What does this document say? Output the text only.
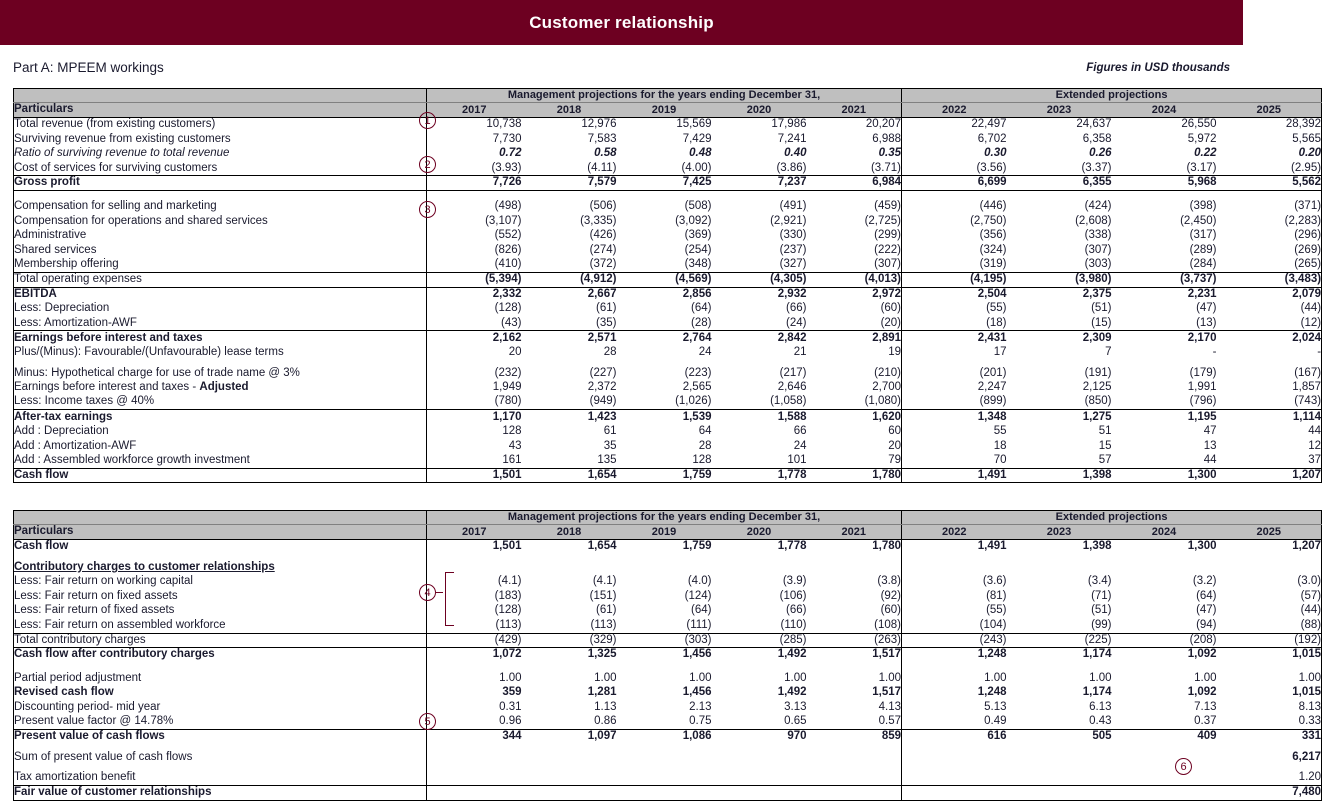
Customer relationship
Part A: MPEEM workings	Figures in USD thousands
	Management projections for the years ending December 31,					Extended projections			
Particulars	2017	2018	2019	2020	2021	2022	2023	2024	2025
Total revenue (from existing customers)	10,738	12,976	15,569	17,986	20,207	22,497	24,637	26,550	28,392
Surviving revenue from existing customers	7,730	7,583	7,429	7,241	6,988	6,702	6,358	5,972	5,565
Ratio of surviving revenue to total revenue	0.72	0.58	0.48	0.40	0.35	0.30	0.26	0.22	0.20
Cost of services for surviving customers	(3.93)	(4.11)	(4.00)	(3.86)	(3.71)	(3.56)	(3.37)	(3.17)	(2.95)
Gross profit	7,726	7,579	7,425	7,237	6,984	6,699	6,355	5,968	5,562

Compensation for selling and marketing	(498)	(506)	(508)	(491)	(459)	(446)	(424)	(398)	(371)
Compensation for operations and shared services	(3,107)	(3,335)	(3,092)	(2,921)	(2,725)	(2,750)	(2,608)	(2,450)	(2,283)
Administrative	(552)	(426)	(369)	(330)	(299)	(356)	(338)	(317)	(296)
Shared services	(826)	(274)	(254)	(237)	(222)	(324)	(307)	(289)	(269)
Membership offering	(410)	(372)	(348)	(327)	(307)	(319)	(303)	(284)	(265)
Total operating expenses	(5,394)	(4,912)	(4,569)	(4,305)	(4,013)	(4,195)	(3,980)	(3,737)	(3,483)
EBITDA	2,332	2,667	2,856	2,932	2,972	2,504	2,375	2,231	2,079
Less: Depreciation	(128)	(61)	(64)	(66)	(60)	(55)	(51)	(47)	(44)
Less: Amortization-AWF	(43)	(35)	(28)	(24)	(20)	(18)	(15)	(13)	(12)
Earnings before interest and taxes	2,162	2,571	2,764	2,842	2,891	2,431	2,309	2,170	2,024
Plus/(Minus): Favourable/(Unfavourable) lease terms	20	28	24	21	19	17	7	-	-

Minus: Hypothetical charge for use of trade name @ 3%	(232)	(227)	(223)	(217)	(210)	(201)	(191)	(179)	(167)
Earnings before interest and taxes - Adjusted	1,949	2,372	2,565	2,646	2,700	2,247	2,125	1,991	1,857
Less: Income taxes @ 40%	(780)	(949)	(1,026)	(1,058)	(1,080)	(899)	(850)	(796)	(743)
After-tax earnings	1,170	1,423	1,539	1,588	1,620	1,348	1,275	1,195	1,114
Add : Depreciation	128	61	64	66	60	55	51	47	44
Add : Amortization-AWF	43	35	28	24	20	18	15	13	12
Add : Assembled workforce growth investment	161	135	128	101	79	70	57	44	37
Cash flow	1,501	1,654	1,759	1,778	1,780	1,491	1,398	1,300	1,207
	Management projections for the years ending December 31,					Extended projections			
Particulars	2017	2018	2019	2020	2021	2022	2023	2024	2025
Cash flow	1,501	1,654	1,759	1,778	1,780	1,491	1,398	1,300	1,207

Contributory charges to customer relationships									
Less: Fair return on working capital	(4.1)	(4.1)	(4.0)	(3.9)	(3.8)	(3.6)	(3.4)	(3.2)	(3.0)
Less: Fair return on fixed assets	(183)	(151)	(124)	(106)	(92)	(81)	(71)	(64)	(57)
Less: Fair return of fixed assets	(128)	(61)	(64)	(66)	(60)	(55)	(51)	(47)	(44)
Less: Fair return on assembled workforce	(113)	(113)	(111)	(110)	(108)	(104)	(99)	(94)	(88)
Total contributory charges	(429)	(329)	(303)	(285)	(263)	(243)	(225)	(208)	(192)
Cash flow after contributory charges	1,072	1,325	1,456	1,492	1,517	1,248	1,174	1,092	1,015

Partial period adjustment	1.00	1.00	1.00	1.00	1.00	1.00	1.00	1.00	1.00
Revised cash flow	359	1,281	1,456	1,492	1,517	1,248	1,174	1,092	1,015
Discounting period- mid year	0.31	1.13	2.13	3.13	4.13	5.13	6.13	7.13	8.13
Present value factor @ 14.78%	0.96	0.86	0.75	0.65	0.57	0.49	0.43	0.37	0.33
Present value of cash flows	344	1,097	1,086	970	859	616	505	409	331

Sum of present value of cash flows									6,217

Tax amortization benefit									1.20
Fair value of customer relationships									7,480
1
2
3
4
5
6
